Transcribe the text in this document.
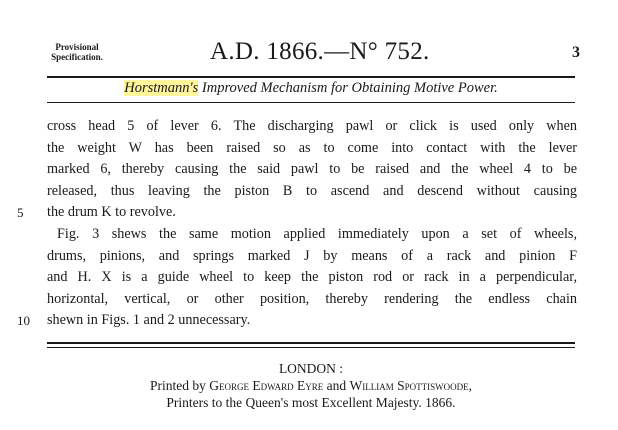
Provisional
Specification.	A.D. 1866.—N° 752.	3
Horstmann's Improved Mechanism for Obtaining Motive Power.
cross head 5 of lever 6. The discharging pawl or click is used only when
the weight W has been raised so as to come into contact with the lever
marked 6, thereby causing the said pawl to be raised and the wheel 4 to be
released, thus leaving the piston B to ascend and descend without causing
5	the drum K to revolve.
Fig. 3 shews the same motion applied immediately upon a set of wheels,
drums, pinions, and springs marked J by means of a rack and pinion F
and H. X is a guide wheel to keep the piston rod or rack in a perpendicular,
horizontal, vertical, or other position, thereby rendering the endless chain
10	shewn in Figs. 1 and 2 unnecessary.
LONDON :
Printed by George Edward Eyre and William Spottiswoode,
Printers to the Queen's most Excellent Majesty. 1866.
